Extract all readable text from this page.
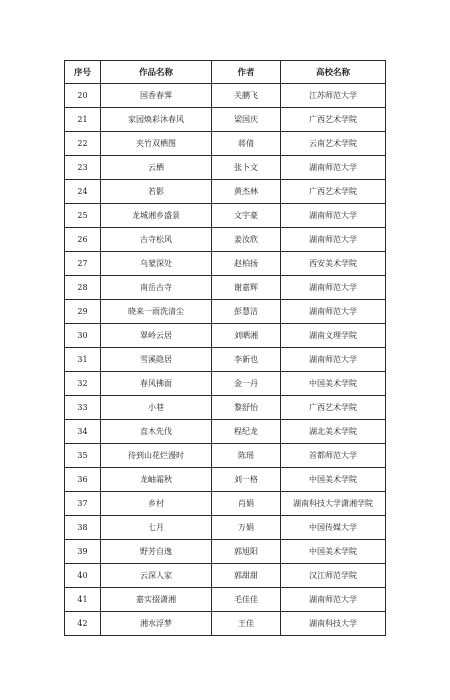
序号	作品名称	作者	高校名称
20	国香春霁	关鹏飞	江苏师范大学
21	家园焕彩沐春风	梁国庆	广西艺术学院
22	夹竹双栖图	蒋倩	云南艺术学院
23	云栖	张卜文	湖南师范大学
24	若影	黄杰林	广西艺术学院
25	龙城湘乡盛景	文宇豪	湖南师范大学
26	古寺松风	姜汝欣	湖南师范大学
27	乌蒙深处	赵柏扬	西安美术学院
28	南岳古寺	谢嘉辉	湖南师范大学
29	晓来一雨洗清尘	彭慧洁	湖南师范大学
30	翠岭云居	刘晒湘	湖南文理学院
31	雪溪隐居	李新也	湖南师范大学
32	春风拂面	金一丹	中国美术学院
33	小巷	黎舒怡	广西艺术学院
34	直木先伐	程纪龙	湖北美术学院
35	待到山花烂漫时	陈瑶	首都师范大学
36	龙岫霜秋	刘一格	中国美术学院
37	乡村	肖娟	湖南科技大学潇湘学院
38	七月	万娟	中国传媒大学
39	野芳自逸	郭旭阳	中国美术学院
40	云深人家	郭甜甜	汉江师范学院
41	嘉实掇潇湘	毛佳佳	湖南师范大学
42	湘水浮梦	王佳	湖南科技大学
